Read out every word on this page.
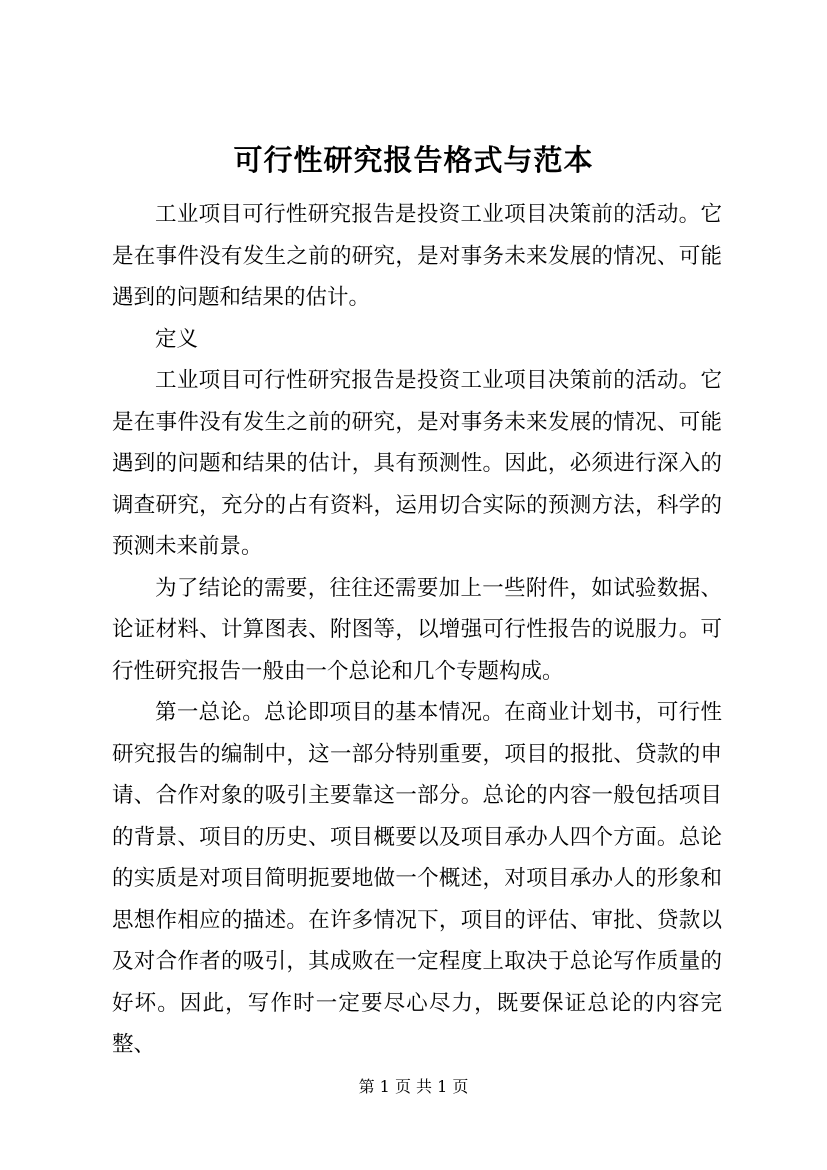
可行性研究报告格式与范本

工业项目可行性研究报告是投资工业项目决策前的活动。它是在事件没有发生之前的研究，是对事务未来发展的情况、可能遇到的问题和结果的估计。

定义

工业项目可行性研究报告是投资工业项目决策前的活动。它是在事件没有发生之前的研究，是对事务未来发展的情况、可能遇到的问题和结果的估计，具有预测性。因此，必须进行深入的调查研究，充分的占有资料，运用切合实际的预测方法，科学的预测未来前景。

为了结论的需要，往往还需要加上一些附件，如试验数据、论证材料、计算图表、附图等，以增强可行性报告的说服力。可行性研究报告一般由一个总论和几个专题构成。

第一总论。总论即项目的基本情况。在商业计划书，可行性研究报告的编制中，这一部分特别重要，项目的报批、贷款的申请、合作对象的吸引主要靠这一部分。总论的内容一般包括项目的背景、项目的历史、项目概要以及项目承办人四个方面。总论的实质是对项目简明扼要地做一个概述，对项目承办人的形象和思想作相应的描述。在许多情况下，项目的评估、审批、贷款以及对合作者的吸引，其成败在一定程度上取决于总论写作质量的好坏。因此，写作时一定要尽心尽力，既要保证总论的内容完整、

第 1 页 共 1 页
